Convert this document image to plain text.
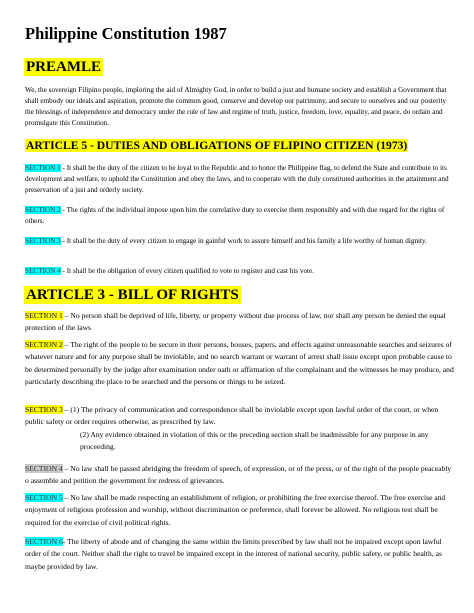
Philippine Constitution 1987
PREAMLE

We, the sovereign Filipino people, imploring the aid of Almighty God, in order to build a just and humane society and establish a Government that shall embody our ideals and aspiration, promote the common good, conserve and develop our patrimony, and secure to ourselves and our posterity the blessings of independence and democracy under the rule of law and regime of truth, justice, freedom, love, equality, and peace, do ordain and promulgate this Constitution.

ARTICLE 5 - DUTIES AND OBLIGATIONS OF FLIPINO CITIZEN (1973)

SECTION 1 - It shall be the duty of the citizen to be loyal to the Republic and to honor the Philippine flag, to defend the State and contribute to its development and welfare, to uphold the Constitution and obey the laws, and to cooperate with the duly constituted authorities in the attainment and preservation of a just and orderly society.

SECTION 2 - The rights of the individual impose upon him the correlative duty to exercise them responsibly and with due regard for the rights of others.

SECTION 3 - It shall be the duty of every citizen to engage in gainful work to assure himself and his family a life worthy of human dignity.

SECTION 4 - It shall be the obligation of every citizen qualified to vote to register and cast his vote.

ARTICLE 3 - BILL OF RIGHTS

SECTION 1 – No person shall be deprived of life, liberty, or property without due process of law, nor shall any person be denied the equal protection of the laws

SECTION 2 – The right of the people to be secure in their persons, houses, papers, and effects against unreasonable searches and seizures of whatever nature and for any purpose shall be inviolable, and no search warrant or warrant of arrest shall issue except upon probable cause to be determined personally by the judge after examination under oath or affirmation of the complainant and the witnesses he may produce, and particularly describing the place to be searched and the persons or things to be seized.

SECTION 3 – (1) The privacy of communication and correspondence shall be inviolable except upon lawful order of the court, or when public safety or order requires otherwise, as prescribed by law.
(2) Any evidence obtained in violation of this or the preceding section shall be inadmissible for any purpose in any proceeding.

SECTION 4 – No law shall be passed abridging the freedom of speech, of expression, or of the press, or of the right of the people peaceably o assemble and petition the government for redress of grievances.

SECTION 5 – No law shall be made respecting an establishment of religion, or prohibiting the free exercise thereof. The free exercise and enjoyment of religious profession and worship, without discrimination or preference, shall forever be allowed. No religious test shall be required for the exercise of civil political rights.

SECTION 6- The liberty of abode and of changing the same within the limits prescribed by law shall not be impaired except upon lawful order of the court. Neither shall the right to travel be impaired except in the interest of national security, public safety, or public health, as maybe provided by law.
